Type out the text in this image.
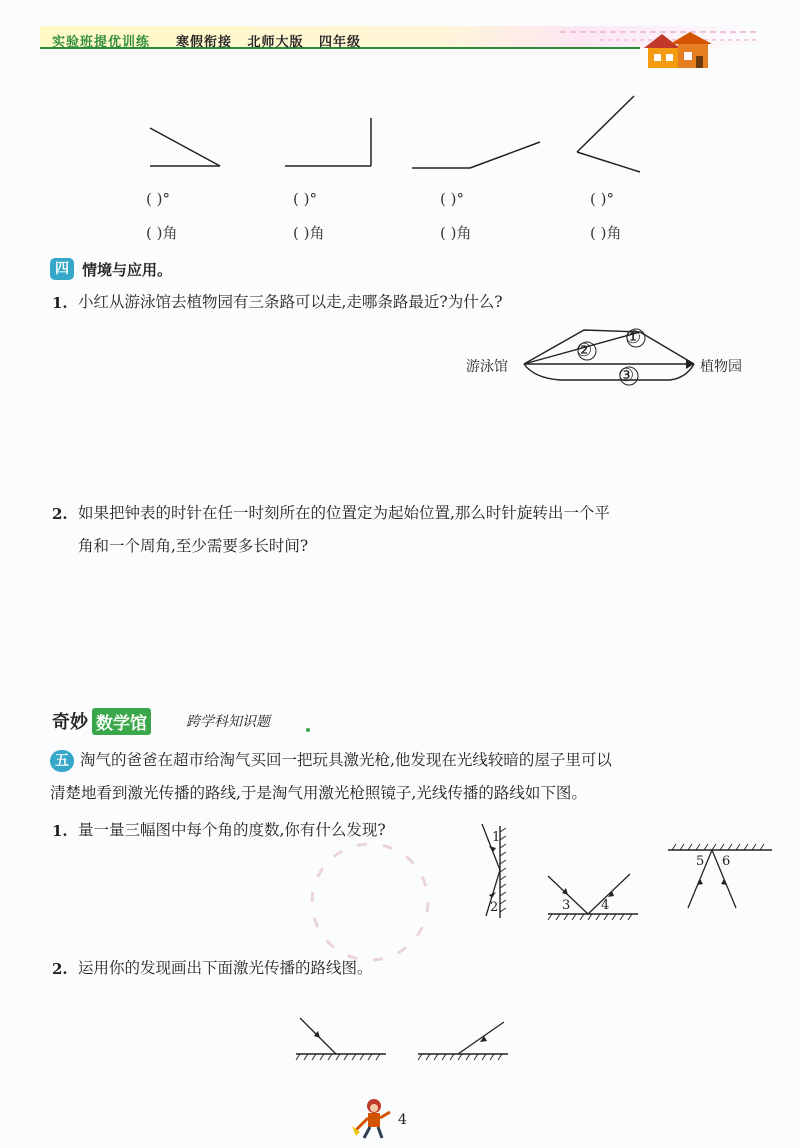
实验班提优训练 寒假衔接 北师大版 四年级
( )°	( )°	( )°	( )°
( )角	( )角	( )角	( )角
四 情境与应用。
1. 小红从游泳馆去植物园有三条路可以走,走哪条路最近?为什么?
①
②
③
游泳馆	植物园
2. 如果把钟表的时针在任一时刻所在的位置定为起始位置,那么时针旋转出一个平
角和一个周角,至少需要多长时间?
奇妙 数学馆	跨学科知识题
五 淘气的爸爸在超市给淘气买回一把玩具激光枪,他发现在光线较暗的屋子里可以
清楚地看到激光传播的路线,于是淘气用激光枪照镜子,光线传播的路线如下图。
1. 量一量三幅图中每个角的度数,你有什么发现?	1
2	3 4
5 6
2. 运用你的发现画出下面激光传播的路线图。
4
